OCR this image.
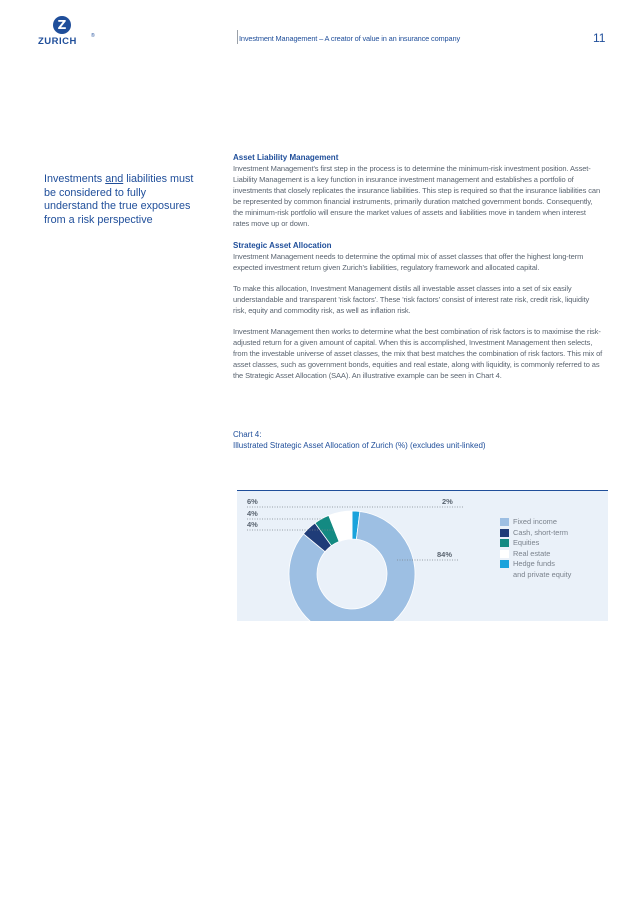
Z
ZURICH	®	Investment Management – A creator of value in an insurance company	11
Investments and liabilities must be considered to fully understand the true exposures from a risk perspective

Asset Liability Management

Investment Management's first step in the process is to determine the minimum-risk investment position. Asset-Liability Management is a key function in insurance investment management and establishes a portfolio of investments that closely replicates the insurance liabilities. This step is required so that the insurance liabilities can be represented by common financial instruments, primarily duration matched government bonds. Consequently, the minimum-risk portfolio will ensure the market values of assets and liabilities move in tandem when interest rates move up or down.

Strategic Asset Allocation

Investment Management needs to determine the optimal mix of asset classes that offer the highest long-term expected investment return given Zurich's liabilities, regulatory framework and allocated capital.

To make this allocation, Investment Management distils all investable asset classes into a set of six easily understandable and transparent 'risk factors'. These 'risk factors' consist of interest rate risk, credit risk, liquidity risk, equity and commodity risk, as well as inflation risk.

Investment Management then works to determine what the best combination of risk factors is to maximise the risk-adjusted return for a given amount of capital. When this is accomplished, Investment Management then selects, from the investable universe of asset classes, the mix that best matches the combination of risk factors. This mix of asset classes, such as government bonds, equities and real estate, along with liquidity, is commonly referred to as the Strategic Asset Allocation (SAA). An illustrative example can be seen in Chart 4.

Chart 4:
Illustrated Strategic Asset Allocation of Zurich (%) (excludes unit-linked)
6%
4%
4%
2%
84%
Fixed income
Cash, short-term
Equities
Real estate
Hedge funds
and private equity
